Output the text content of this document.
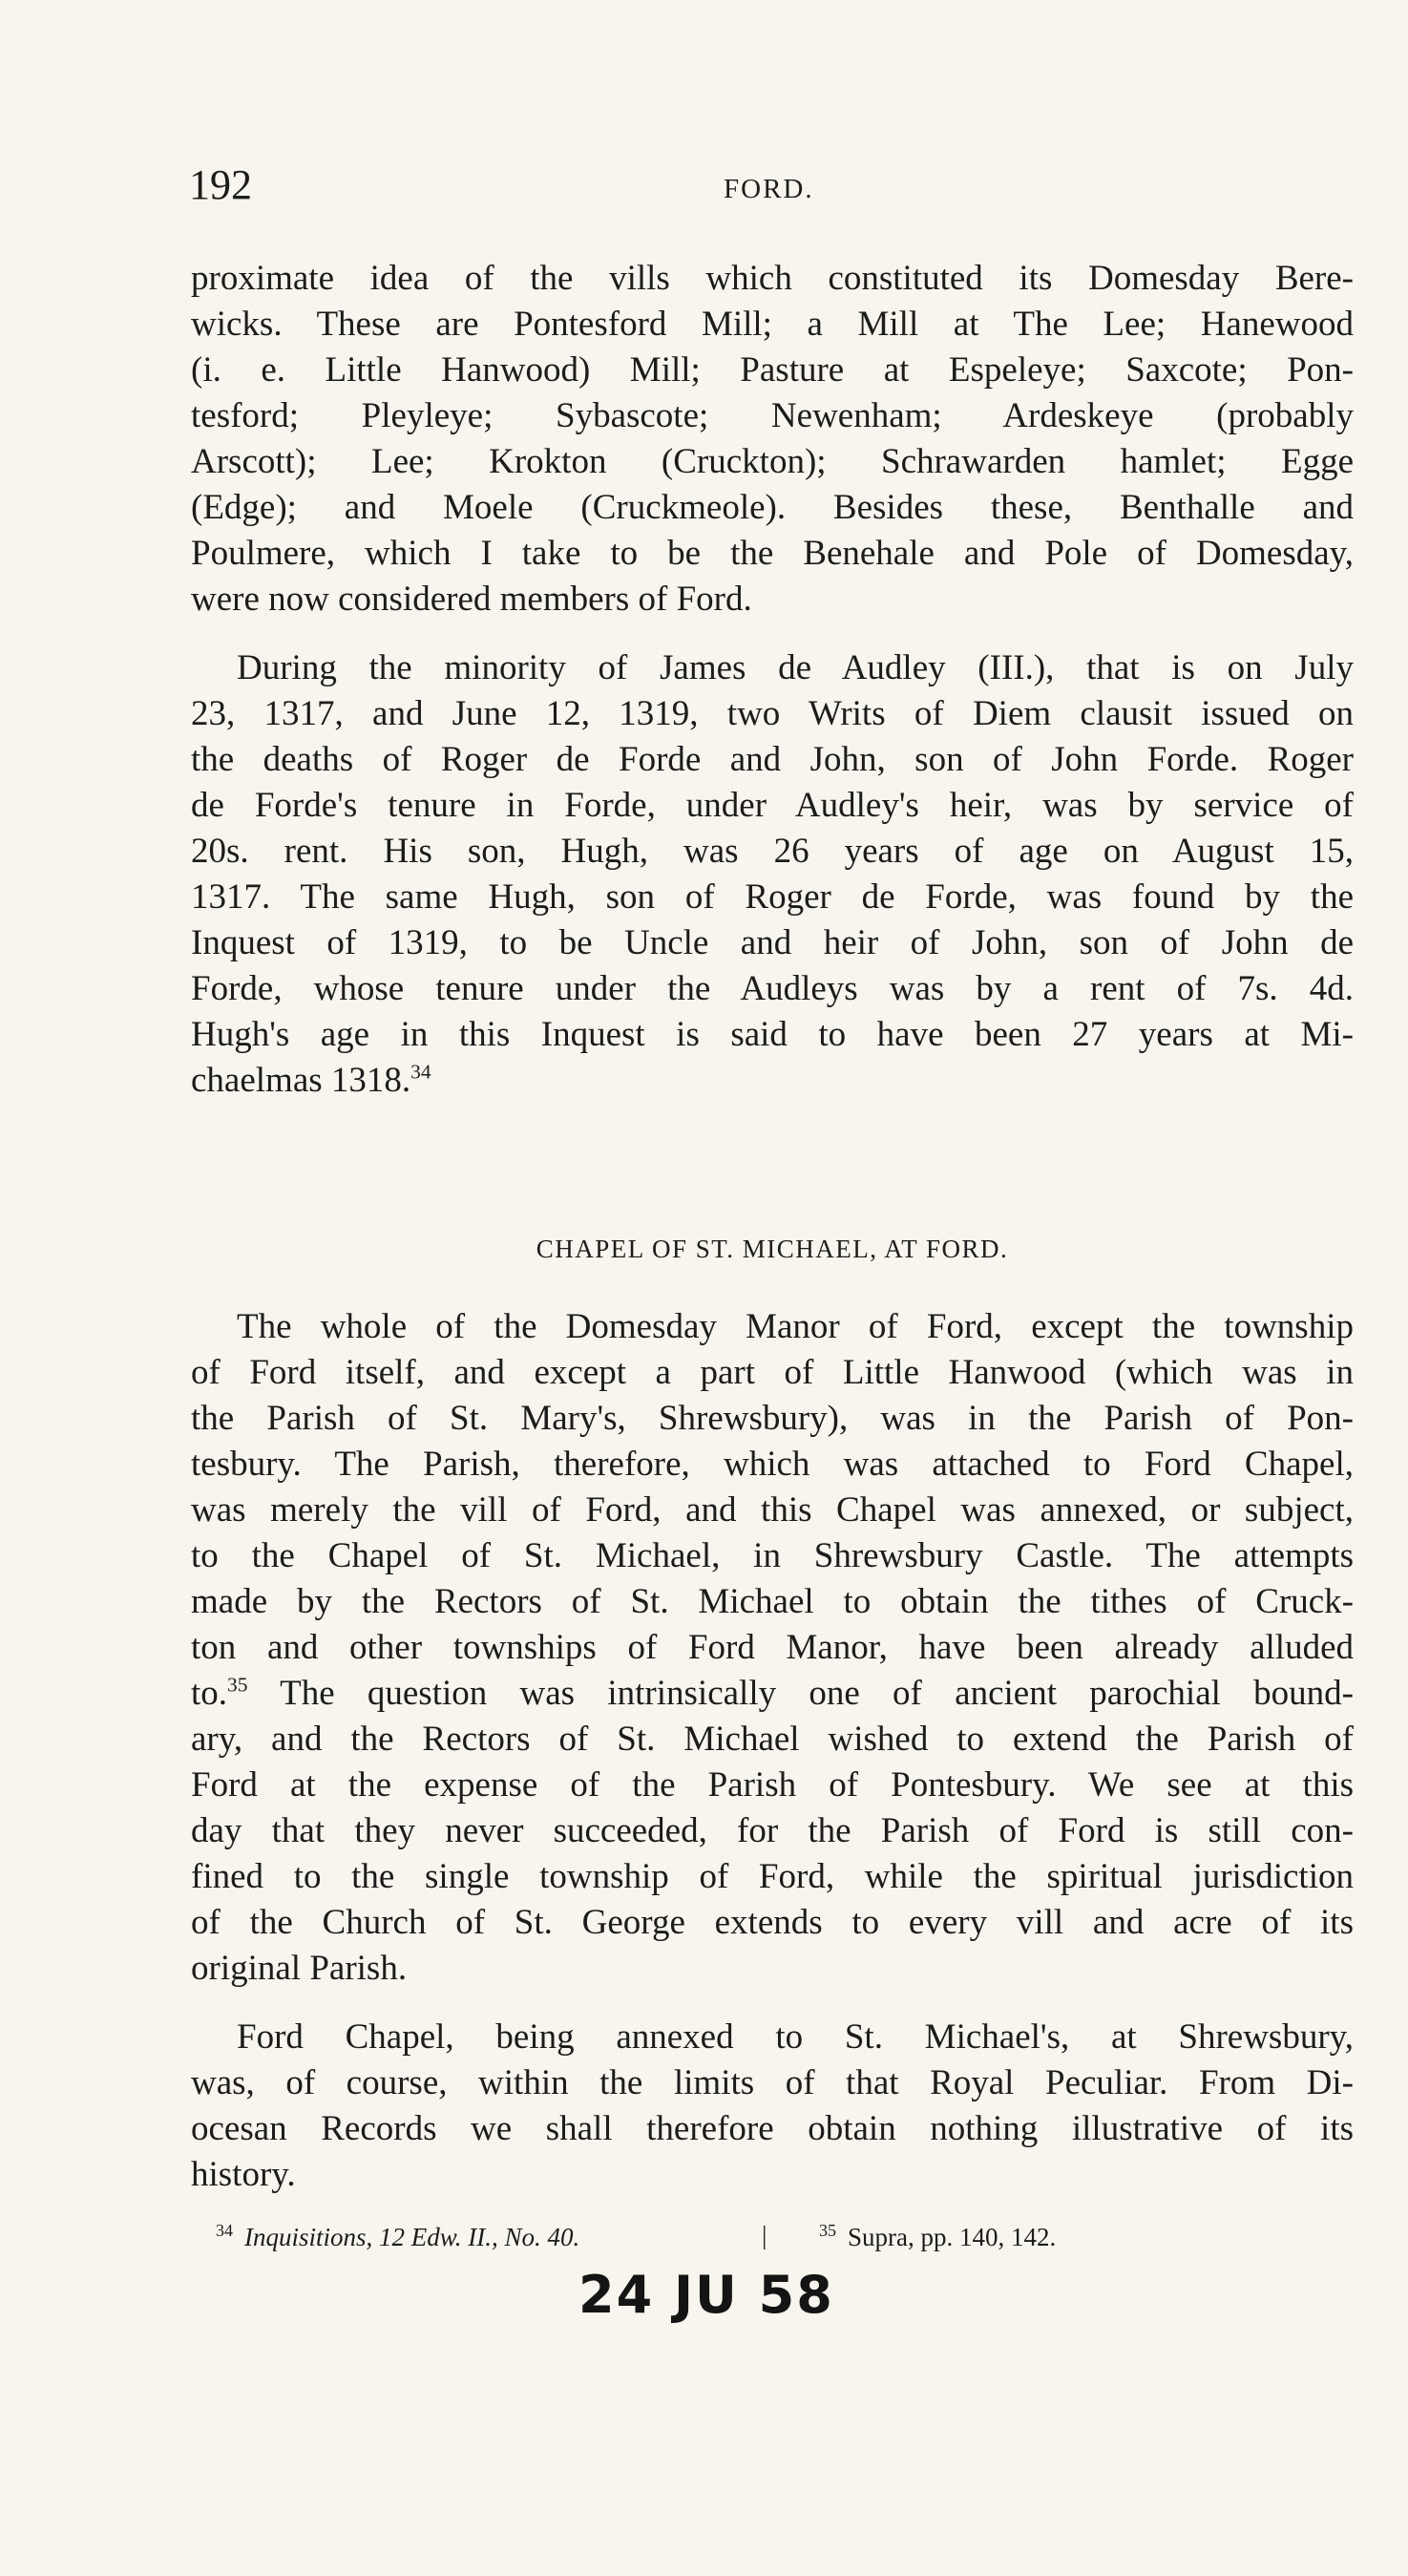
192	FORD.
proximate idea of the vills which constituted its Domesday Bere-
wicks. These are Pontesford Mill; a Mill at The Lee; Hanewood
(i. e. Little Hanwood) Mill; Pasture at Espeleye; Saxcote; Pon-
tesford; Pleyleye; Sybascote; Newenham; Ardeskeye (probably
Arscott); Lee; Krokton (Cruckton); Schrawarden hamlet; Egge
(Edge); and Moele (Cruckmeole). Besides these, Benthalle and
Poulmere, which I take to be the Benehale and Pole of Domesday,
were now considered members of Ford.
During the minority of James de Audley (III.), that is on July
23, 1317, and June 12, 1319, two Writs of Diem clausit issued on
the deaths of Roger de Forde and John, son of John Forde. Roger
de Forde's tenure in Forde, under Audley's heir, was by service of
20s. rent. His son, Hugh, was 26 years of age on August 15,
1317. The same Hugh, son of Roger de Forde, was found by the
Inquest of 1319, to be Uncle and heir of John, son of John de
Forde, whose tenure under the Audleys was by a rent of 7s. 4d.
Hugh's age in this Inquest is said to have been 27 years at Mi-
chaelmas 1318.34
CHAPEL OF ST. MICHAEL, AT FORD.
The whole of the Domesday Manor of Ford, except the township
of Ford itself, and except a part of Little Hanwood (which was in
the Parish of St. Mary's, Shrewsbury), was in the Parish of Pon-
tesbury. The Parish, therefore, which was attached to Ford Chapel,
was merely the vill of Ford, and this Chapel was annexed, or subject,
to the Chapel of St. Michael, in Shrewsbury Castle. The attempts
made by the Rectors of St. Michael to obtain the tithes of Cruck-
ton and other townships of Ford Manor, have been already alluded
to.$^{35}$ The question was intrinsically one of ancient parochial bound-
ary, and the Rectors of St. Michael wished to extend the Parish of
Ford at the expense of the Parish of Pontesbury. We see at this
day that they never succeeded, for the Parish of Ford is still con-
fined to the single township of Ford, while the spiritual jurisdiction
of the Church of St. George extends to every vill and acre of its
original Parish.
Ford Chapel, being annexed to St. Michael's, at Shrewsbury,
was, of course, within the limits of that Royal Peculiar. From Di-
ocesan Records we shall therefore obtain nothing illustrative of its
history.
$^{34}$ Inquisitions, 12 Edw. II., No. 40.	|	$^{35}$ Supra, pp. 140, 142.
24 JU 58
